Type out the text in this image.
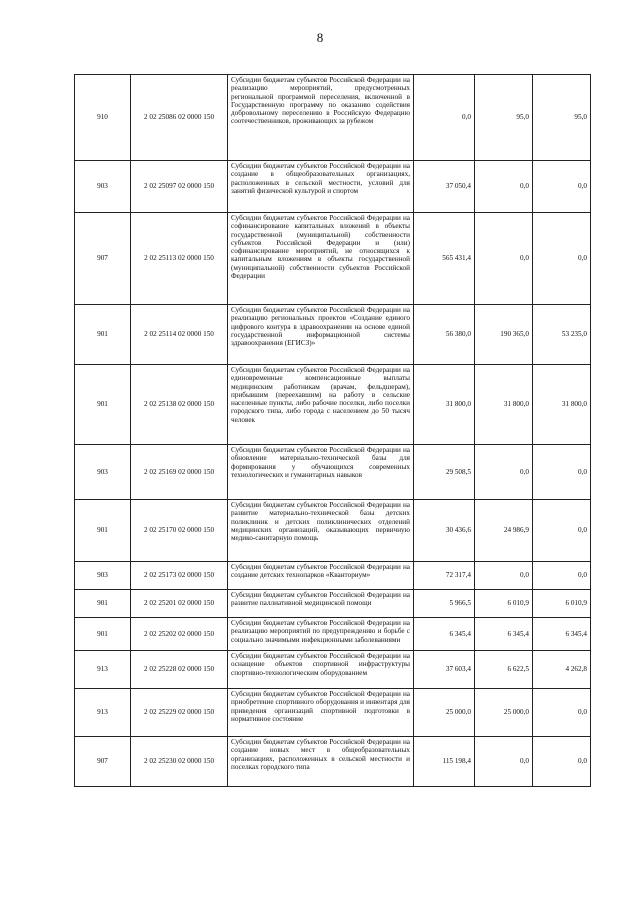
8
910	2 02 25086 02 0000 150	Субсидии бюджетам субъектов Российской Федерации на реализацию мероприятий, предусмотренных региональной программой переселения, включенной в Государственную программу по оказанию содействия добровольному переселению в Российскую Федерацию соотечественников, проживающих за рубежом	0,0	95,0	95,0
903	2 02 25097 02 0000 150	Субсидии бюджетам субъектов Российской Федерации на создание в общеобразовательных организациях, расположенных в сельской местности, условий для занятий физической культурой и спортом	37 050,4	0,0	0,0
907	2 02 25113 02 0000 150	Субсидии бюджетам субъектов Российской Федерации на софинансирование капитальных вложений в объекты государственной (муниципальной) собственности субъектов Российской Федерации и (или) софинансирование мероприятий, не относящихся к капитальным вложениям в объекты государственной (муниципальной) собственности субъектов Российской Федерации	565 431,4	0,0	0,0
901	2 02 25114 02 0000 150	Субсидии бюджетам субъектов Российской Федерации на реализацию региональных проектов «Создание единого цифрового контура в здравоохранении на основе единой государственной информационной системы здравоохранения (ЕГИСЗ)»	56 380,0	190 365,0	53 235,0
901	2 02 25138 02 0000 150	Субсидии бюджетам субъектов Российской Федерации на единовременные компенсационные выплаты медицинским работникам (врачам, фельдшерам), прибывшим (переехавшим) на работу в сельские населенные пункты, либо рабочие поселки, либо поселки городского типа, либо города с населением до 50 тысяч человек	31 800,0	31 800,0	31 800,0
903	2 02 25169 02 0000 150	Субсидии бюджетам субъектов Российской Федерации на обновление материально-технической базы для формирования у обучающихся современных технологических и гуманитарных навыков	29 508,5	0,0	0,0
901	2 02 25170 02 0000 150	Субсидии бюджетам субъектов Российской Федерации на развитие материально-технической базы детских поликлиник и детских поликлинических отделений медицинских организаций, оказывающих первичную медико-санитарную помощь	30 436,6	24 986,9	0,0
903	2 02 25173 02 0000 150	Субсидии бюджетам субъектов Российской Федерации на создание детских технопарков «Кванториум»	72 317,4	0,0	0,0
901	2 02 25201 02 0000 150	Субсидии бюджетам субъектов Российской Федерации на развитие паллиативной медицинской помощи	5 966,5	6 010,9	6 010,9
901	2 02 25202 02 0000 150	Субсидии бюджетам субъектов Российской Федерации на реализацию мероприятий по предупреждению и борьбе с социально значимыми инфекционными заболеваниями	6 345,4	6 345,4	6 345,4
913	2 02 25228 02 0000 150	Субсидии бюджетам субъектов Российской Федерации на оснащение объектов спортивной инфраструктуры спортивно-технологическим оборудованием	37 603,4	6 622,5	4 262,8
913	2 02 25229 02 0000 150	Субсидии бюджетам субъектов Российской Федерации на приобретение спортивного оборудования и инвентаря для приведения организаций спортивной подготовки в нормативное состояние	25 000,0	25 000,0	0,0
907	2 02 25230 02 0000 150	Субсидии бюджетам субъектов Российской Федерации на создание новых мест в общеобразовательных организациях, расположенных в сельской местности и поселках городского типа	115 198,4	0,0	0,0
